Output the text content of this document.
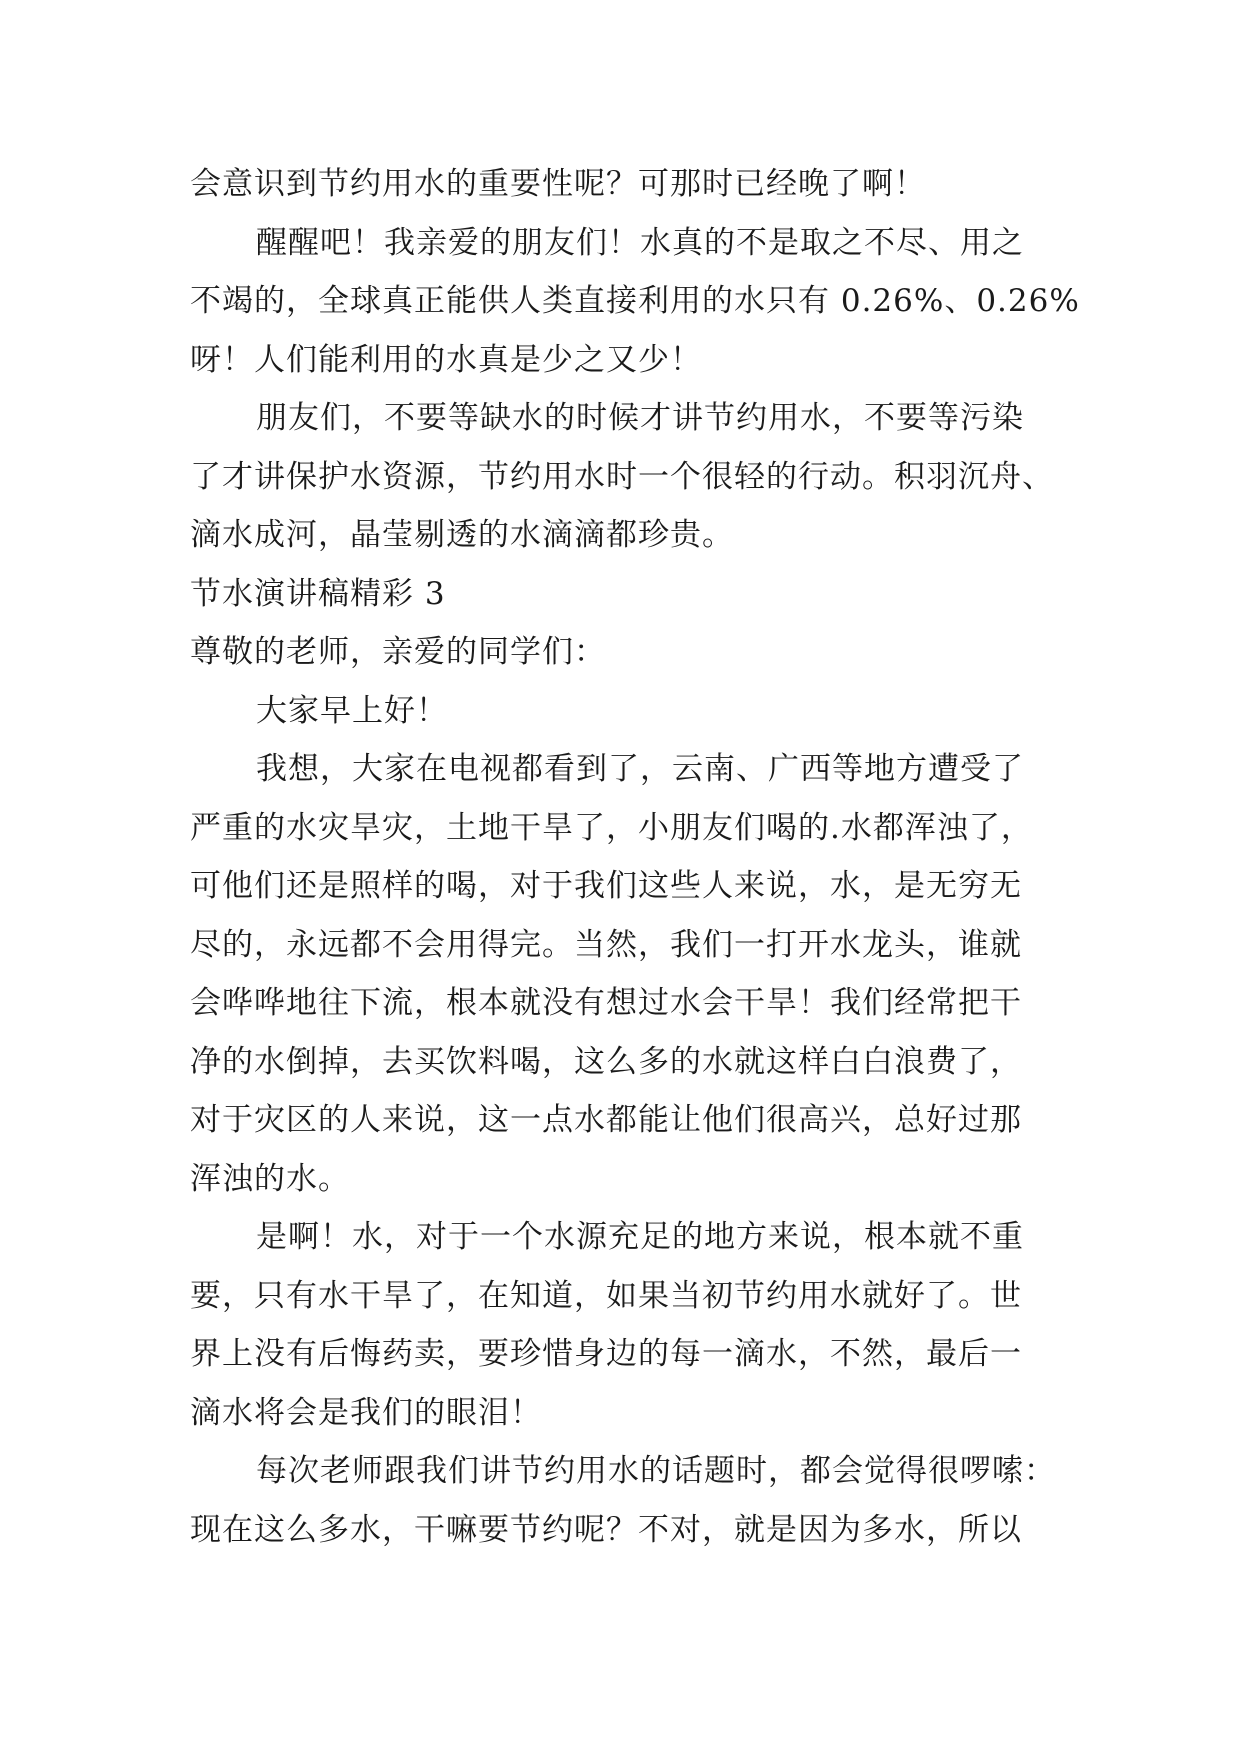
会意识到节约用水的重要性呢？可那时已经晚了啊！
醒醒吧！我亲爱的朋友们！水真的不是取之不尽、用之
不竭的，全球真正能供人类直接利用的水只有 0.26%、0.26%
呀！人们能利用的水真是少之又少！
朋友们，不要等缺水的时候才讲节约用水，不要等污染
了才讲保护水资源，节约用水时一个很轻的行动。积羽沉舟、
滴水成河，晶莹剔透的水滴滴都珍贵。
节水演讲稿精彩 3
尊敬的老师，亲爱的同学们：
大家早上好！
我想，大家在电视都看到了，云南、广西等地方遭受了
严重的水灾旱灾，土地干旱了，小朋友们喝的.水都浑浊了，
可他们还是照样的喝，对于我们这些人来说，水，是无穷无
尽的，永远都不会用得完。当然，我们一打开水龙头，谁就
会哗哗地往下流，根本就没有想过水会干旱！我们经常把干
净的水倒掉，去买饮料喝，这么多的水就这样白白浪费了，
对于灾区的人来说，这一点水都能让他们很高兴，总好过那
浑浊的水。
是啊！水，对于一个水源充足的地方来说，根本就不重
要，只有水干旱了，在知道，如果当初节约用水就好了。世
界上没有后悔药卖，要珍惜身边的每一滴水，不然，最后一
滴水将会是我们的眼泪！
每次老师跟我们讲节约用水的话题时，都会觉得很啰嗦：
现在这么多水，干嘛要节约呢？不对，就是因为多水，所以
